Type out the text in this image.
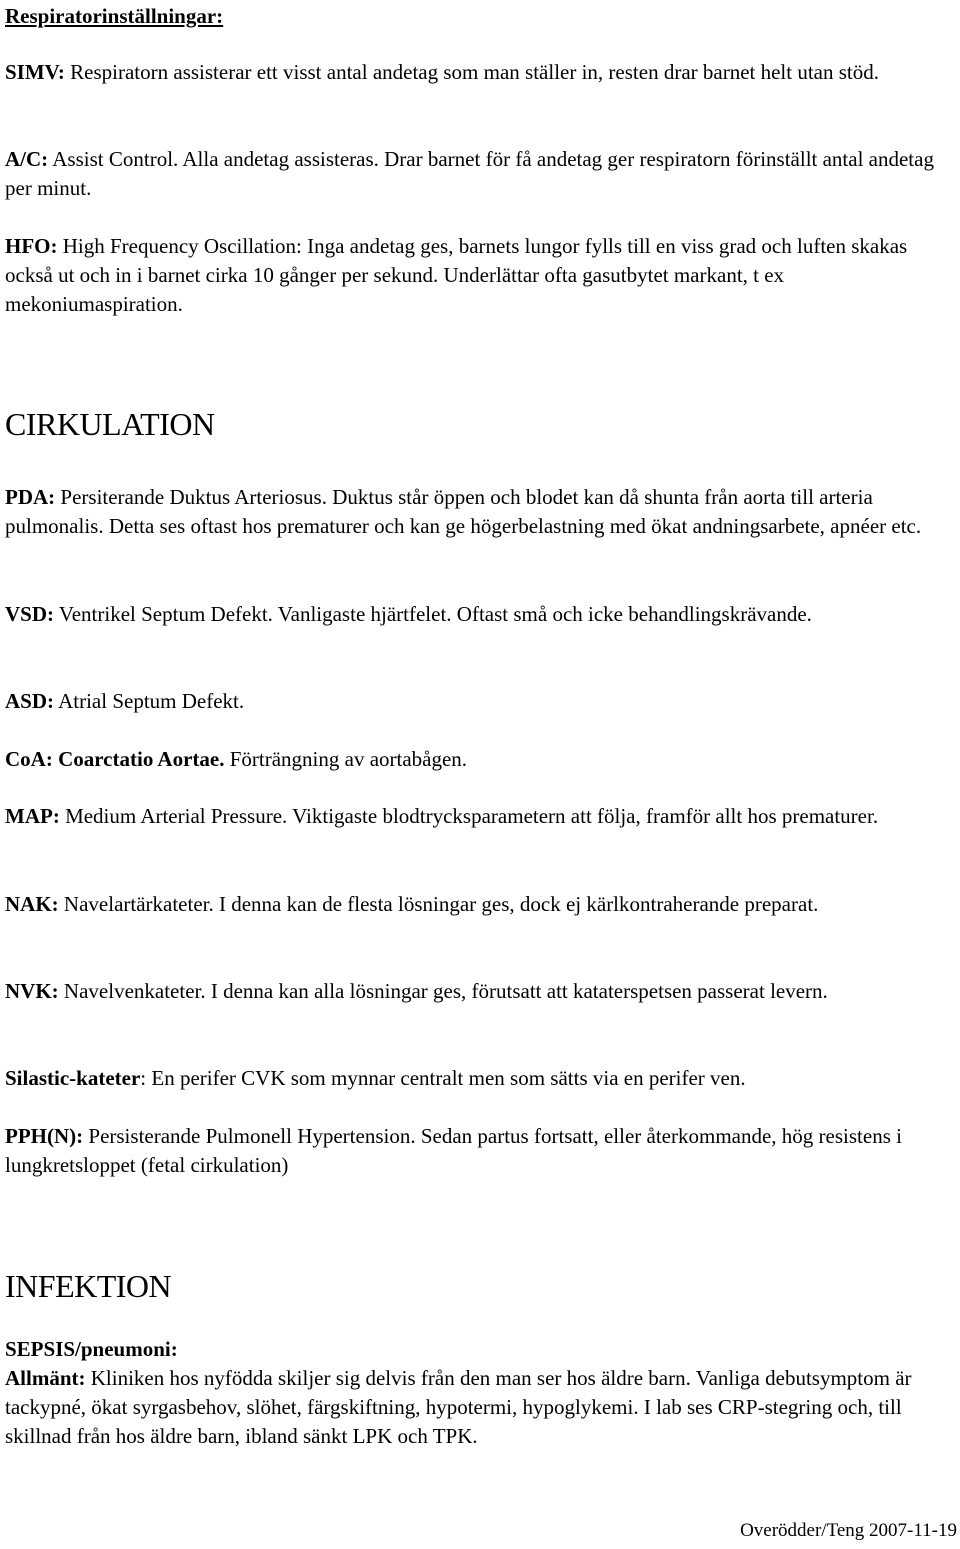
Respiratorinställningar:

SIMV: Respiratorn assisterar ett visst antal andetag som man ställer in, resten drar barnet helt utan stöd.

A/C: Assist Control. Alla andetag assisteras. Drar barnet för få andetag ger respiratorn förinställt antal andetag per minut.

HFO: High Frequency Oscillation: Inga andetag ges, barnets lungor fylls till en viss grad och luften skakas också ut och in i barnet cirka 10 gånger per sekund. Underlättar ofta gasutbytet markant, t ex mekoniumaspiration.

CIRKULATION

PDA: Persiterande Duktus Arteriosus. Duktus står öppen och blodet kan då shunta från aorta till arteria pulmonalis. Detta ses oftast hos prematurer och kan ge högerbelastning med ökat andningsarbete, apnéer etc.

VSD: Ventrikel Septum Defekt. Vanligaste hjärtfelet. Oftast små och icke behandlingskrävande.

ASD: Atrial Septum Defekt.

CoA: Coarctatio Aortae. Förträngning av aortabågen.

MAP: Medium Arterial Pressure. Viktigaste blodtrycksparametern att följa, framför allt hos prematurer.

NAK: Navelartärkateter. I denna kan de flesta lösningar ges, dock ej kärlkontraherande preparat.

NVK: Navelvenkateter. I denna kan alla lösningar ges, förutsatt att kataterspetsen passerat levern.

Silastic-kateter: En perifer CVK som mynnar centralt men som sätts via en perifer ven.

PPH(N): Persisterande Pulmonell Hypertension. Sedan partus fortsatt, eller återkommande, hög resistens i lungkretsloppet (fetal cirkulation)

INFEKTION

SEPSIS/pneumoni:

Allmänt: Kliniken hos nyfödda skiljer sig delvis från den man ser hos äldre barn. Vanliga debutsymptom är tackypné, ökat syrgasbehov, slöhet, färgskiftning, hypotermi, hypoglykemi. I lab ses CRP-stegring och, till skillnad från hos äldre barn, ibland sänkt LPK och TPK.

Overödder/Teng 2007-11-19
